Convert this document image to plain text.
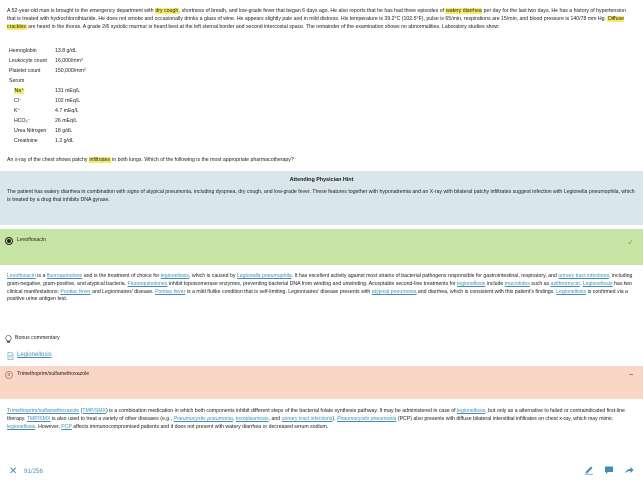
A 52-year-old man is brought to the emergency department with dry cough, shortness of breath, and low-grade fever that began 6 days ago. He also reports that he has had three episodes of watery diarrhea per day for the last two days. He has a history of hypertension that is treated with hydrochlorothiazide. He does not smoke and occasionally drinks a glass of wine. He appears slightly pale and in mild distress. His temperature is 39.2°C (102.5°F), pulse is 65/min, respirations are 15/min, and blood pressure is 140/78 mm Hg. Diffuse crackles are heard in the thorax. A grade 2/6 systolic murmur is heard best at the left sternal border and second intercostal space. The remainder of the examination shows no abnormalities. Laboratory studies show:

Hemoglobin	13.8 g/dL
Leukocyte count	16,000/mm³
Platelet count	150,000/mm³
Serum
Na⁺	131 mEq/L
Cl⁻	102 mEq/L
K⁺	4.7 mEq/L
HCO₃⁻	26 mEq/L
Urea Nitrogen	18 g/dL
Creatinine	1.2 g/dL
An x-ray of the chest shows patchy infiltrates in both lungs. Which of the following is the most appropriate pharmacotherapy?
Attending Physician Hint
The patient has watery diarrhea in combination with signs of atypical pneumonia, including dyspnea, dry cough, and low-grade fever. These features together with hyponatremia and an X-ray with bilateral patchy infiltrates suggest infection with Legionella pneumophila, which is treated by a drug that inhibits DNA gyrase.
Levofloxacin	✓
Levofloxacin is a fluoroquinolone and is the treatment of choice for legionellosis, which is caused by Legionella pneumophila. It has excellent activity against most strains of bacterial pathogens responsible for gastrointestinal, respiratory, and urinary tract infections, including gram-negative, gram-positive, and atypical bacteria. Fluoroquinolones inhibit topoisomerase enzymes, preventing bacterial DNA from winding and unwinding. Acceptable second-line treatments for legionellosis include macrolides such as azithromycin. Legionellosis has two clinical manifestations: Pontiac fever and Legionnaires' disease. Pontiac fever is a mild flulike condition that is self-limiting. Legionnaires' disease presents with atypical pneumonia and diarrhea, which is consistent with this patient's findings. Legionellosis is confirmed via a positive urine antigen test.
Bonus commentary
Legionellosis
B	Trimethoprim/sulfamethoxazole	–
Trimethoprim/sulfamethoxazole (TMP/SMX) is a combination medication in which both components inhibit different steps of the bacterial folate synthesis pathway. It may be administered in case of legionellosis, but only as a alternative to failed or contraindicated first-line therapy. TMP/SMX is also used to treat a variety of other diseases (e.g., Pneumocystis pneumonia, toxoplasmosis, and urinary tract infections). Pneumocystis pneumonia (PCP) also presents with diffuse bilateral interstitial infiltrates on chest x-ray, which may mimic legionellosis. However, PCP affects immunocompromised patients and it does not present with watery diarrhea or decreased serum sodium.
✕ 91/256
